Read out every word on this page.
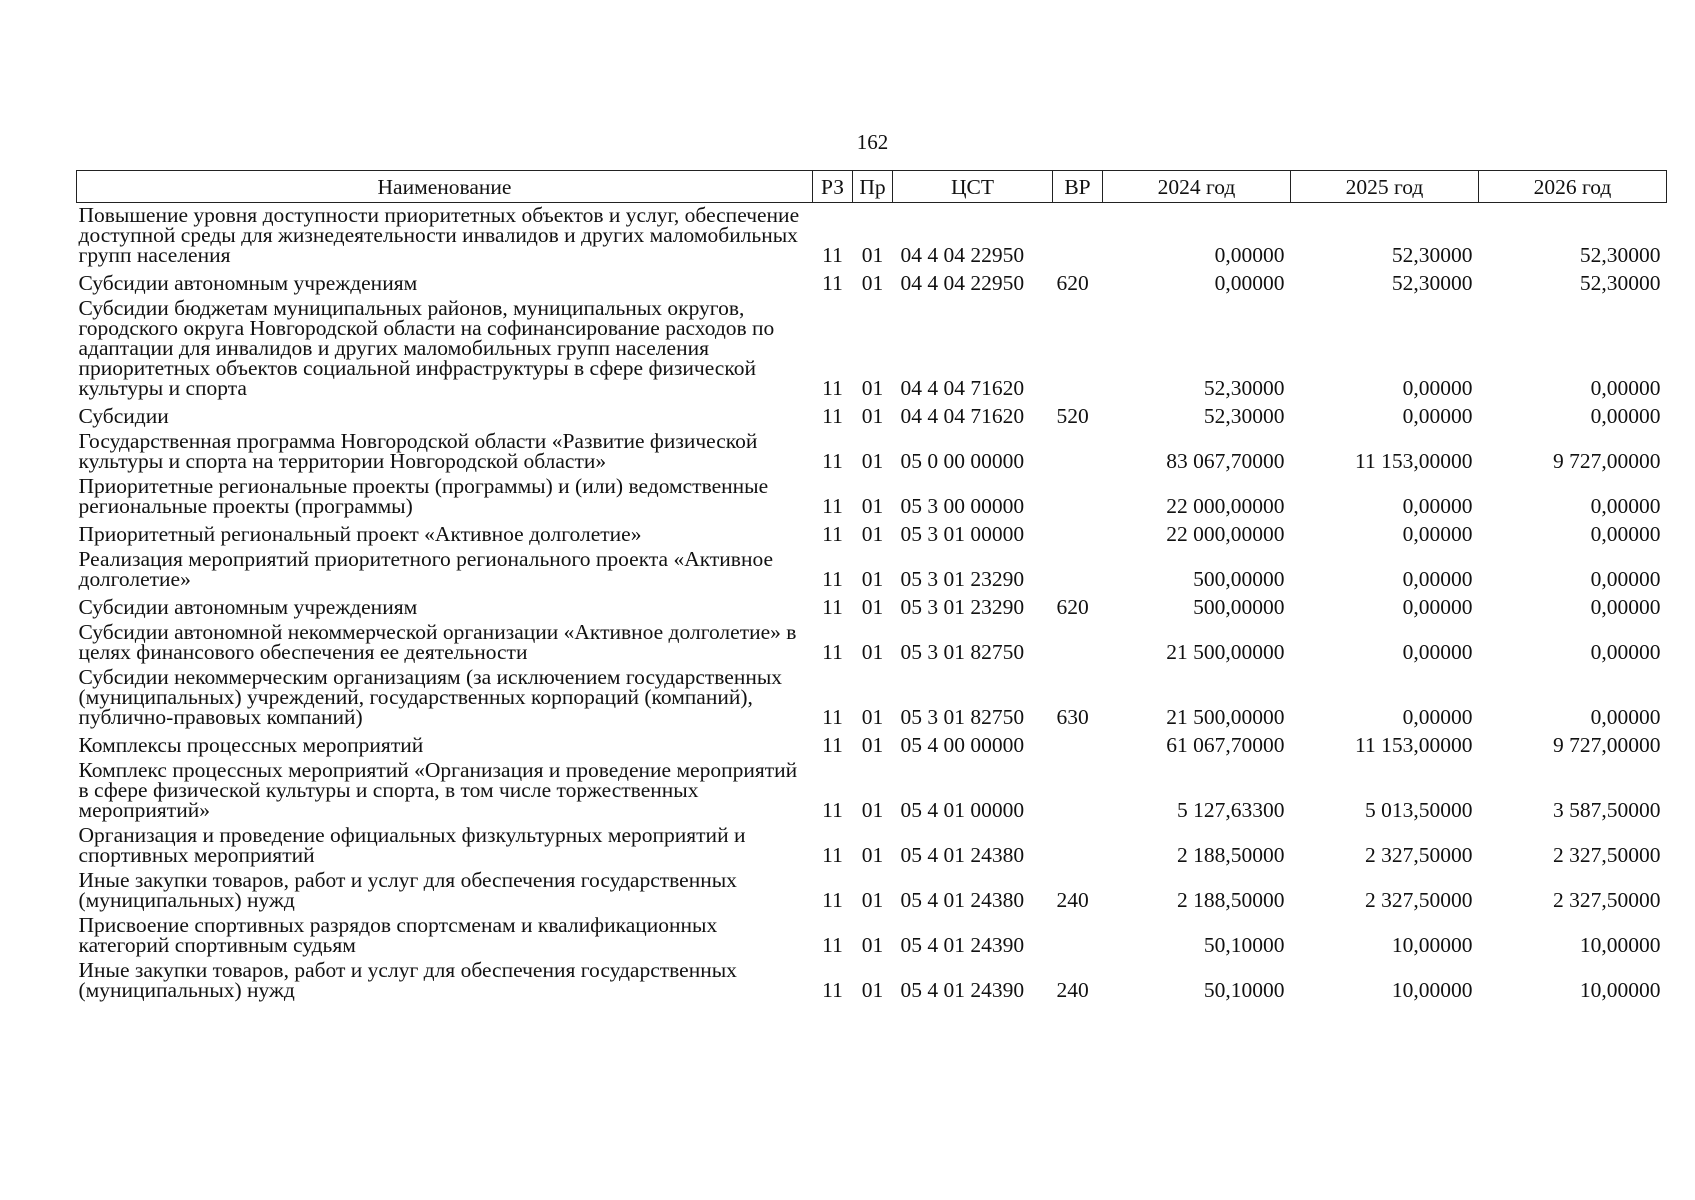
162
Наименование	РЗ	Пр	ЦСТ	ВР	2024 год	2025 год	2026 год
Повышение уровня доступности приоритетных объектов и услуг, обеспечение доступной среды для жизнедеятельности инвалидов и других маломобильных групп населения	11	01	04 4 04 22950		0,00000	52,30000	52,30000
Субсидии автономным учреждениям	11	01	04 4 04 22950	620	0,00000	52,30000	52,30000
Субсидии бюджетам муниципальных районов, муниципальных округов, городского округа Новгородской области на софинансирование расходов по адаптации для инвалидов и других маломобильных групп населения приоритетных объектов социальной инфраструктуры в сфере физической культуры и спорта	11	01	04 4 04 71620		52,30000	0,00000	0,00000
Субсидии	11	01	04 4 04 71620	520	52,30000	0,00000	0,00000
Государственная программа Новгородской области «Развитие физической культуры и спорта на территории Новгородской области»	11	01	05 0 00 00000		83 067,70000	11 153,00000	9 727,00000
Приоритетные региональные проекты (программы) и (или) ведомственные региональные проекты (программы)	11	01	05 3 00 00000		22 000,00000	0,00000	0,00000
Приоритетный региональный проект «Активное долголетие»	11	01	05 3 01 00000		22 000,00000	0,00000	0,00000
Реализация мероприятий приоритетного регионального проекта «Активное долголетие»	11	01	05 3 01 23290		500,00000	0,00000	0,00000
Субсидии автономным учреждениям	11	01	05 3 01 23290	620	500,00000	0,00000	0,00000
Субсидии автономной некоммерческой организации «Активное долголетие» в целях финансового обеспечения ее деятельности	11	01	05 3 01 82750		21 500,00000	0,00000	0,00000
Субсидии некоммерческим организациям (за исключением государственных (муниципальных) учреждений, государственных корпораций (компаний), публично-правовых компаний)	11	01	05 3 01 82750	630	21 500,00000	0,00000	0,00000
Комплексы процессных мероприятий	11	01	05 4 00 00000		61 067,70000	11 153,00000	9 727,00000
Комплекс процессных мероприятий «Организация и проведение мероприятий в сфере физической культуры и спорта, в том числе торжественных мероприятий»	11	01	05 4 01 00000		5 127,63300	5 013,50000	3 587,50000
Организация и проведение официальных физкультурных мероприятий и спортивных мероприятий	11	01	05 4 01 24380		2 188,50000	2 327,50000	2 327,50000
Иные закупки товаров, работ и услуг для обеспечения государственных (муниципальных) нужд	11	01	05 4 01 24380	240	2 188,50000	2 327,50000	2 327,50000
Присвоение спортивных разрядов спортсменам и квалификационных категорий спортивным судьям	11	01	05 4 01 24390		50,10000	10,00000	10,00000
Иные закупки товаров, работ и услуг для обеспечения государственных (муниципальных) нужд	11	01	05 4 01 24390	240	50,10000	10,00000	10,00000
